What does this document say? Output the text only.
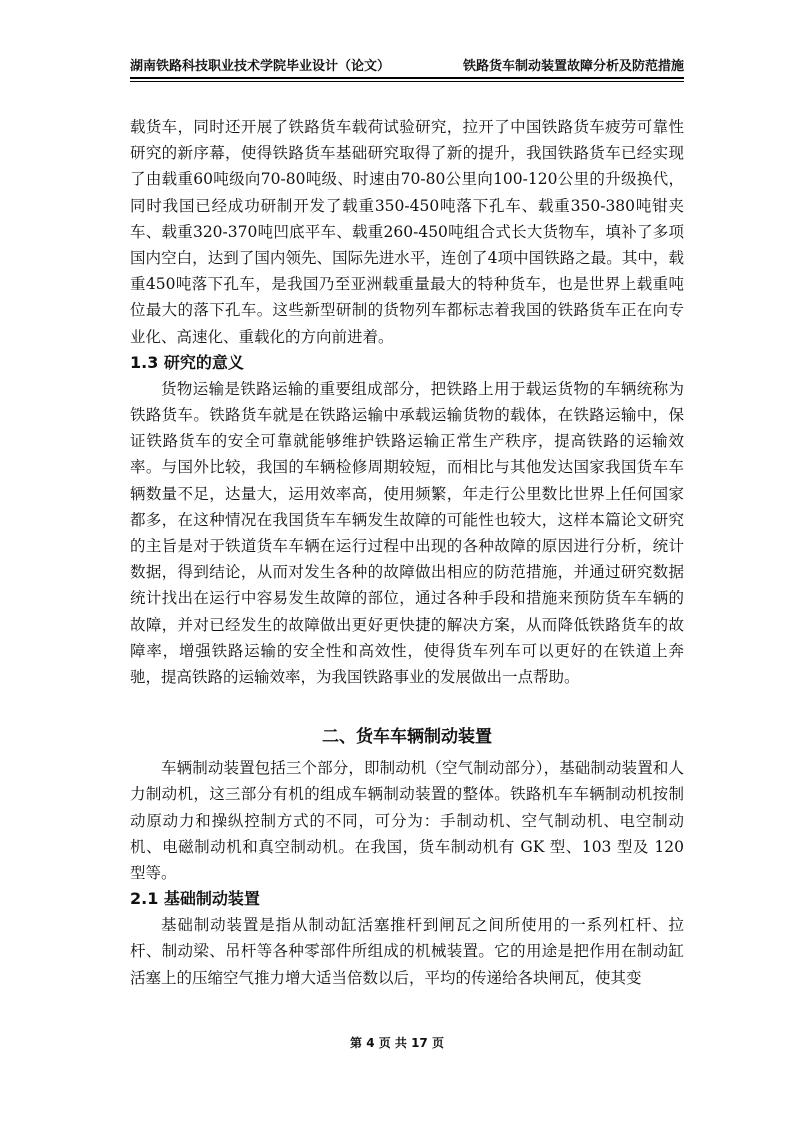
湖南铁路科技职业技术学院毕业设计（论文）	铁路货车制动装置故障分析及防范措施

载货车，同时还开展了铁路货车载荷试验研究，拉开了中国铁路货车疲劳可靠性研究的新序幕，使得铁路货车基础研究取得了新的提升，我国铁路货车已经实现了由载重60吨级向70-80吨级、时速由70-80公里向100-120公里的升级换代，同时我国已经成功研制开发了载重350-450吨落下孔车、载重350-380吨钳夹车、载重320-370吨凹底平车、载重260-450吨组合式长大货物车，填补了多项国内空白，达到了国内领先、国际先进水平，连创了4项中国铁路之最。其中，载重450吨落下孔车，是我国乃至亚洲载重量最大的特种货车，也是世界上载重吨位最大的落下孔车。这些新型研制的货物列车都标志着我国的铁路货车正在向专业化、高速化、重载化的方向前进着。

1.3 研究的意义

货物运输是铁路运输的重要组成部分，把铁路上用于载运货物的车辆统称为铁路货车。铁路货车就是在铁路运输中承载运输货物的载体，在铁路运输中，保证铁路货车的安全可靠就能够维护铁路运输正常生产秩序，提高铁路的运输效率。与国外比较，我国的车辆检修周期较短，而相比与其他发达国家我国货车车辆数量不足，达量大，运用效率高，使用频繁，年走行公里数比世界上任何国家都多，在这种情况在我国货车车辆发生故障的可能性也较大，这样本篇论文研究的主旨是对于铁道货车车辆在运行过程中出现的各种故障的原因进行分析，统计数据，得到结论，从而对发生各种的故障做出相应的防范措施，并通过研究数据统计找出在运行中容易发生故障的部位，通过各种手段和措施来预防货车车辆的故障，并对已经发生的故障做出更好更快捷的解决方案，从而降低铁路货车的故障率，增强铁路运输的安全性和高效性，使得货车列车可以更好的在铁道上奔驰，提高铁路的运输效率，为我国铁路事业的发展做出一点帮助。

二、货车车辆制动装置

车辆制动装置包括三个部分，即制动机（空气制动部分），基础制动装置和人力制动机，这三部分有机的组成车辆制动装置的整体。铁路机车车辆制动机按制动原动力和操纵控制方式的不同，可分为：手制动机、空气制动机、电空制动机、电磁制动机和真空制动机。在我国，货车制动机有 GK 型、103 型及 120 型等。

2.1 基础制动装置

基础制动装置是指从制动缸活塞推杆到闸瓦之间所使用的一系列杠杆、拉杆、制动梁、吊杆等各种零部件所组成的机械装置。它的用途是把作用在制动缸活塞上的压缩空气推力增大适当倍数以后，平均的传递给各块闸瓦，使其变

第 4 页 共 17 页
